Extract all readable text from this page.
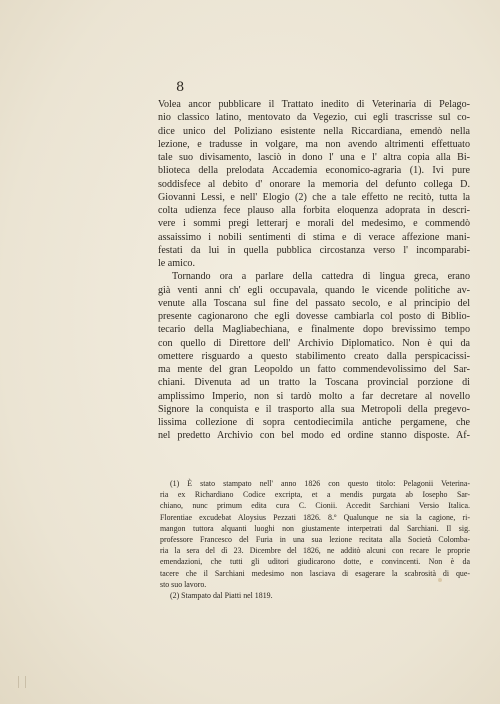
8
Volea ancor pubblicare il Trattato inedito di Veterinaria di Pelago-
nio classico latino, mentovato da Vegezio, cui egli trascrisse sul co-
dice unico del Poliziano esistente nella Riccardiana, emendò nella
lezione, e tradusse in volgare, ma non avendo altrimenti effettuato
tale suo divisamento, lasciò in dono l' una e l' altra copia alla Bi-
blioteca della prelodata Accademia economico-agraria (1). Ivi pure
soddisfece al debito d' onorare la memoria del defunto collega D.
Giovanni Lessi, e nell' Elogio (2) che a tale effetto ne recitò, tutta la
colta udienza fece plauso alla forbita eloquenza adoprata in descri-
vere i sommi pregi letterarj e morali del medesimo, e commendò
assaissimo i nobili sentimenti di stima e di verace affezione mani-
festati da lui in quella pubblica circostanza verso l' incomparabi-
le amico.
Tornando ora a parlare della cattedra di lingua greca, erano
già venti anni ch' egli occupavala, quando le vicende politiche av-
venute alla Toscana sul fine del passato secolo, e al principio del
presente cagionarono che egli dovesse cambiarla col posto di Biblio-
tecario della Magliabechiana, e finalmente dopo brevissimo tempo
con quello di Direttore dell' Archivio Diplomatico. Non è qui da
omettere risguardo a questo stabilimento creato dalla perspicacissi-
ma mente del gran Leopoldo un fatto commendevolissimo del Sar-
chiani. Divenuta ad un tratto la Toscana provincial porzione di
amplissimo Imperio, non si tardò molto a far decretare al novello
Signore la conquista e il trasporto alla sua Metropoli della pregevo-
lissima collezione di sopra centodiecimila antiche pergamene, che
nel predetto Archivio con bel modo ed ordine stanno disposte. Af-
(1) È stato stampato nell' anno 1826 con questo titolo: Pelagonii Veterina-
ria ex Richardiano Codice excripta, et a mendis purgata ab Iosepho Sar-
chiano, nunc primum edita cura C. Cionii. Accedit Sarchiani Versio Italica.
Florentiae excudebat Aloysius Pezzati 1826. 8.º Qualunque ne sia la cagione, ri-
mangon tuttora alquanti luoghi non giustamente interpetrati dal Sarchiani. Il sig.
professore Francesco del Furia in una sua lezione recitata alla Società Colomba-
ria la sera del dì 23. Dicembre del 1826, ne additò alcuni con recare le proprie
emendazioni, che tutti gli uditori giudicarono dotte, e convincenti. Non è da
tacere che il Sarchiani medesimo non lasciava di esagerare la scabrosità di que-
sto suo lavoro.
(2) Stampato dal Piatti nel 1819.
